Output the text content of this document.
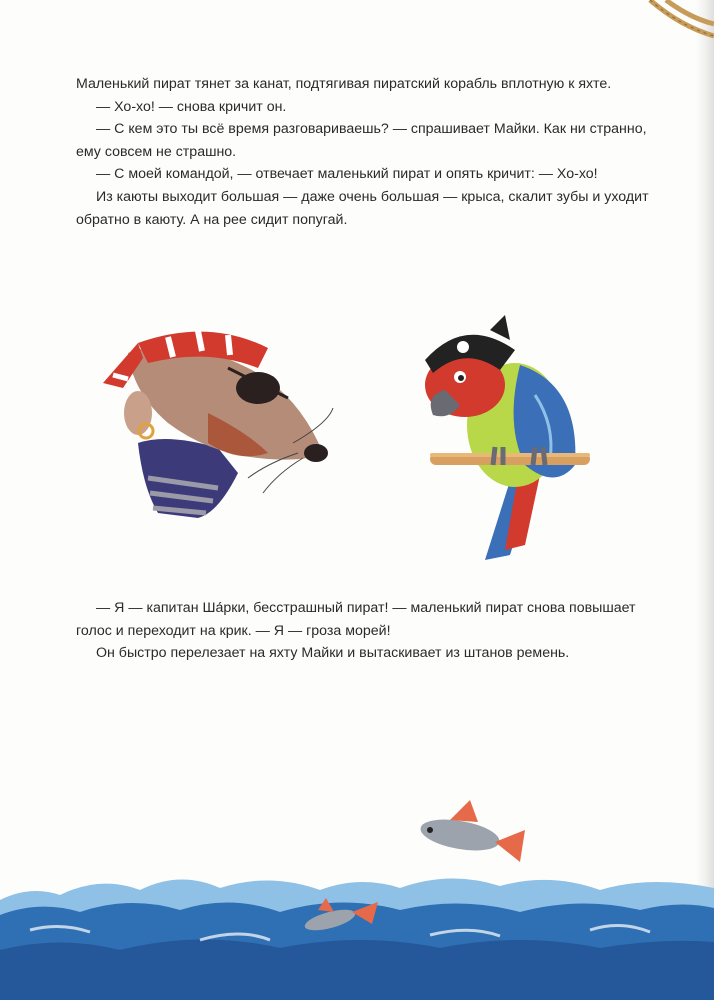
Маленький пират тянет за канат, подтягивая пиратский корабль вплотную к яхте.

— Хо-хо! — снова кричит он.

— С кем это ты всё время разговариваешь? — спрашивает Майки. Как ни странно, ему совсем не страшно.

— С моей командой, — отвечает маленький пират и опять кричит: — Хо-хо!

Из каюты выходит большая — даже очень большая — крыса, скалит зубы и уходит обратно в каюту. А на рее сидит попугай.

— Я — капитан Ша́рки, бесстрашный пират! — маленький пират снова повышает голос и переходит на крик. — Я — гроза морей!

Он быстро перелезает на яхту Майки и вытаскивает из штанов ремень.
